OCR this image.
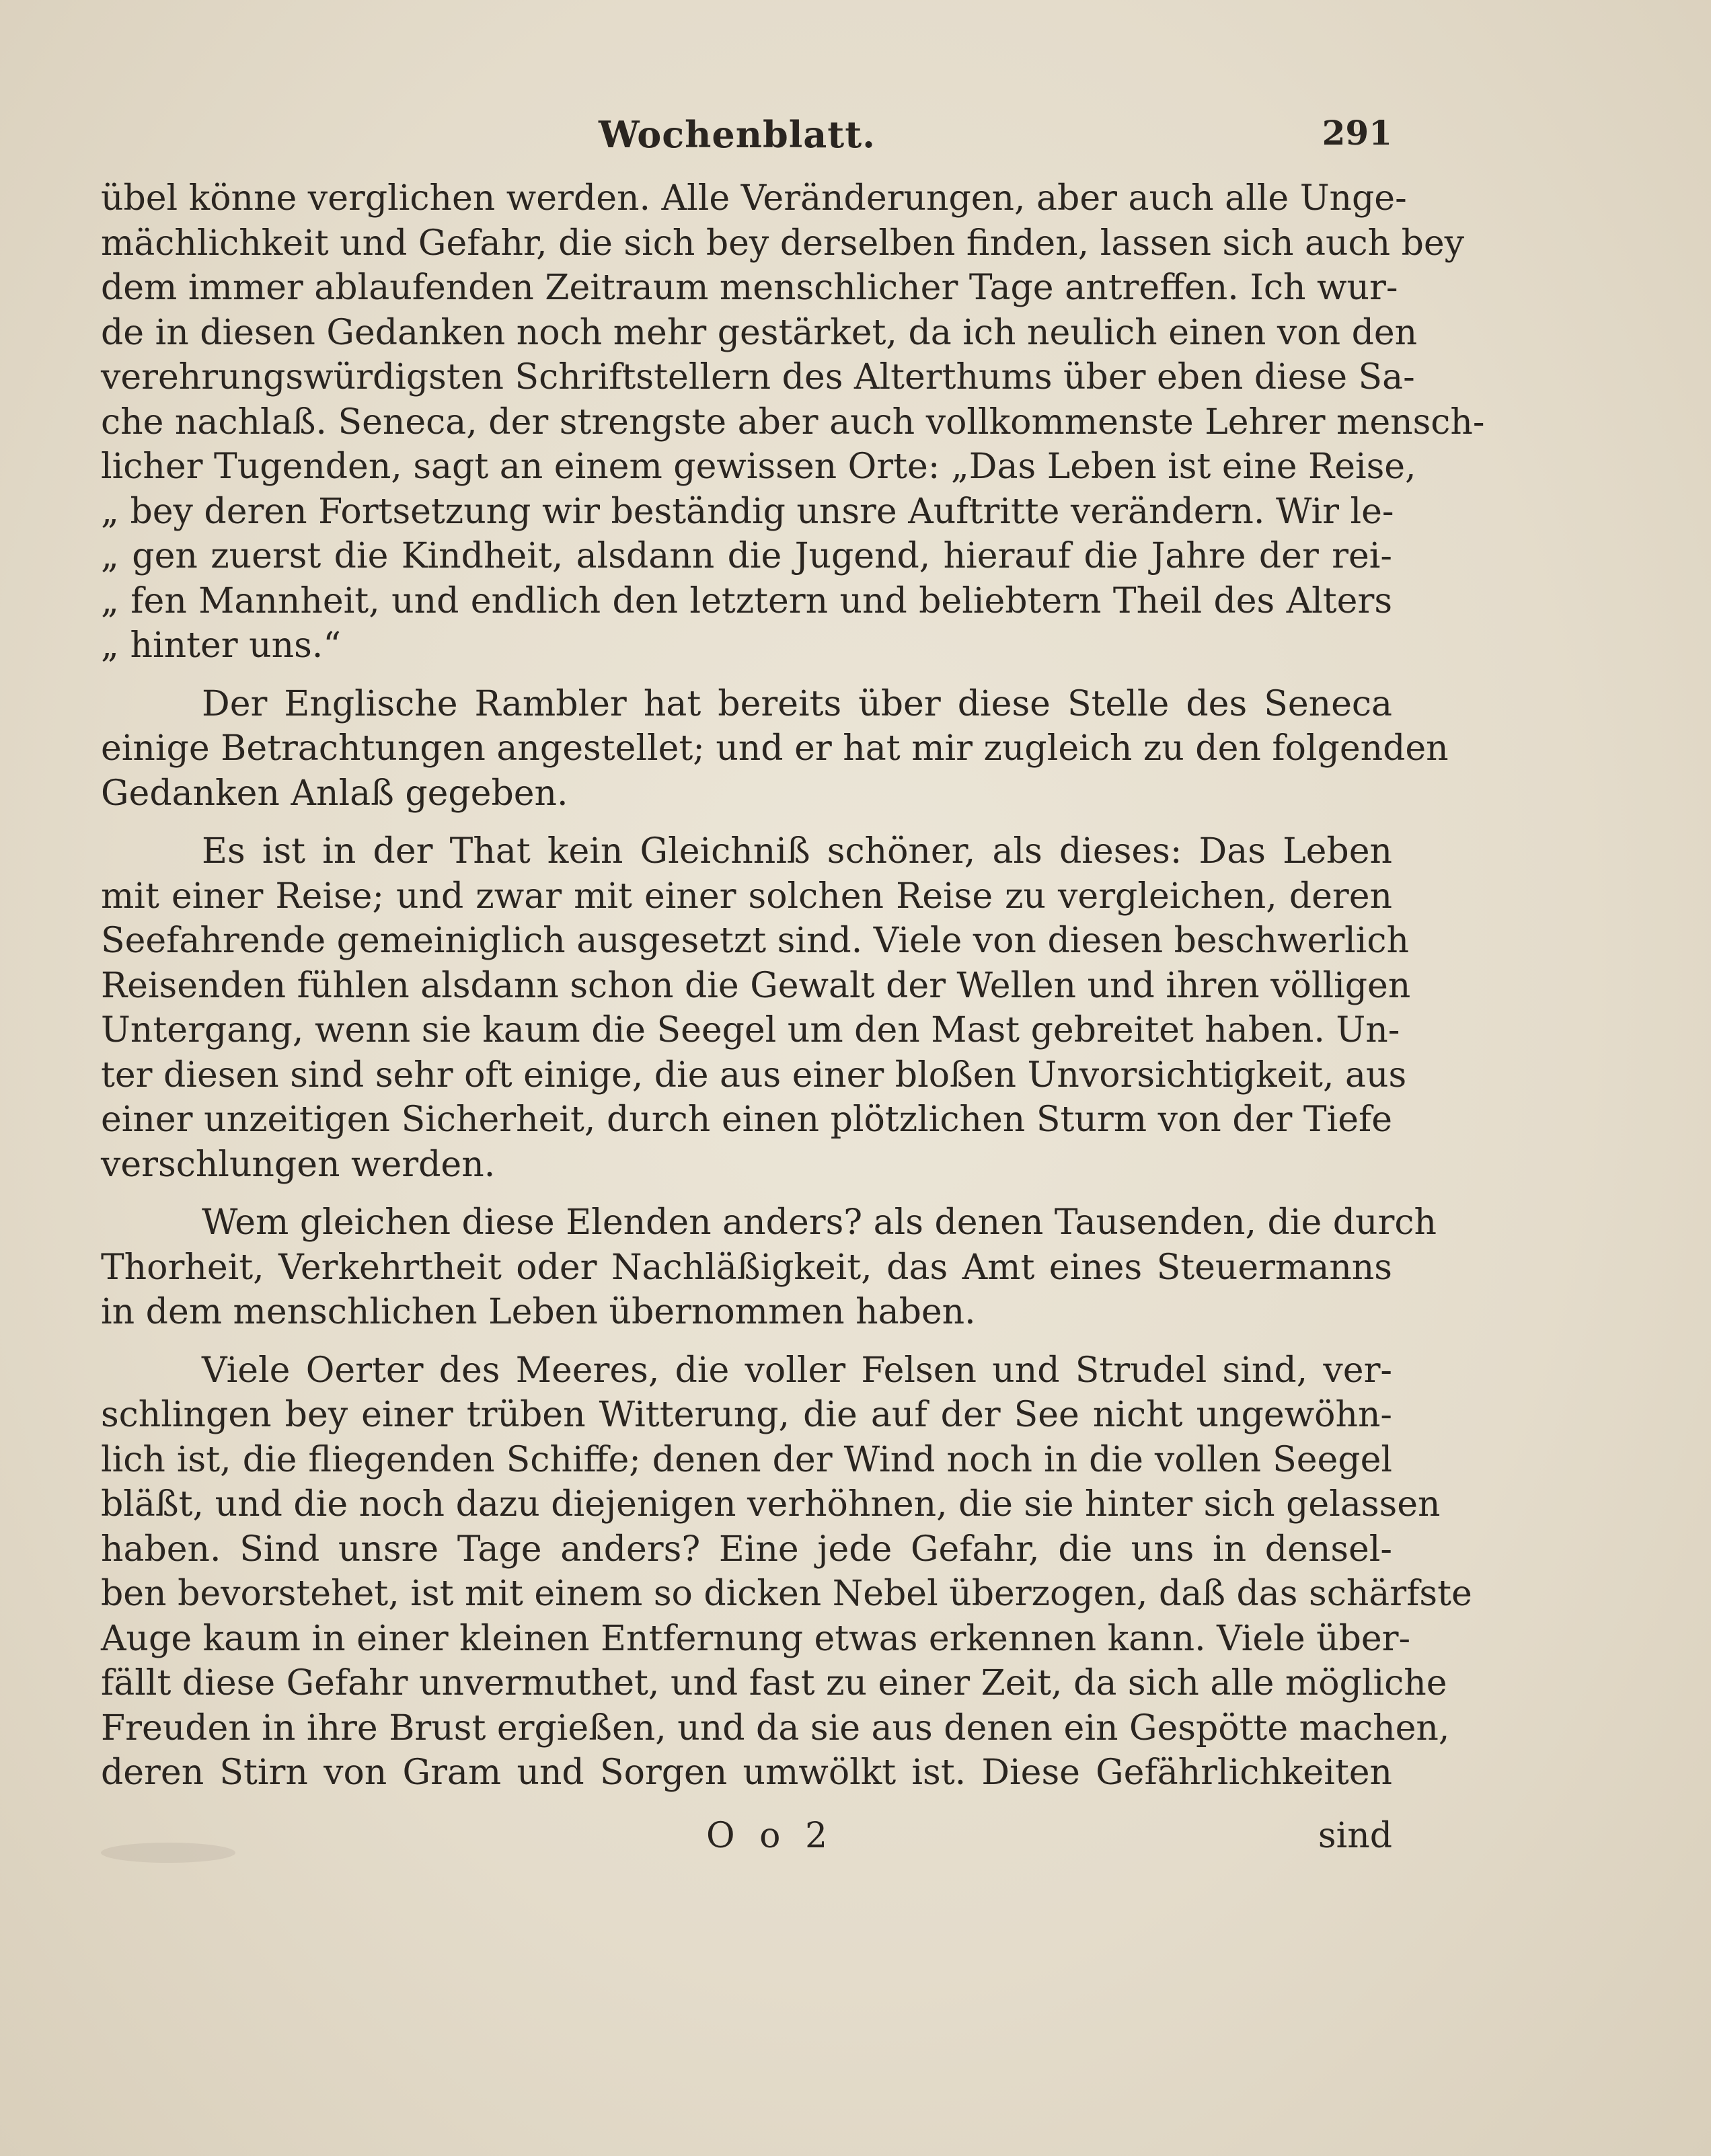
Wochenblatt.	291
übel könne verglichen werden. Alle Veränderungen, aber auch alle Unge-
mächlichkeit und Gefahr, die sich bey derselben finden, lassen sich auch bey
dem immer ablaufenden Zeitraum menschlicher Tage antreffen. Ich wur-
de in diesen Gedanken noch mehr gestärket, da ich neulich einen von den
verehrungswürdigsten Schriftstellern des Alterthums über eben diese Sa-
che nachlaß. Seneca, der strengste aber auch vollkommenste Lehrer mensch-
licher Tugenden, sagt an einem gewissen Orte: „Das Leben ist eine Reise,
„ bey deren Fortsetzung wir beständig unsre Auftritte verändern. Wir le-
„ gen zuerst die Kindheit, alsdann die Jugend, hierauf die Jahre der rei-
„ fen Mannheit, und endlich den letztern und beliebtern Theil des Alters
„ hinter uns.“
Der Englische Rambler hat bereits über diese Stelle des Seneca
einige Betrachtungen angestellet; und er hat mir zugleich zu den folgenden
Gedanken Anlaß gegeben.
Es ist in der That kein Gleichniß schöner, als dieses: Das Leben
mit einer Reise; und zwar mit einer solchen Reise zu vergleichen, deren
Seefahrende gemeiniglich ausgesetzt sind. Viele von diesen beschwerlich
Reisenden fühlen alsdann schon die Gewalt der Wellen und ihren völligen
Untergang, wenn sie kaum die Seegel um den Mast gebreitet haben. Un-
ter diesen sind sehr oft einige, die aus einer bloßen Unvorsichtigkeit, aus
einer unzeitigen Sicherheit, durch einen plötzlichen Sturm von der Tiefe
verschlungen werden.
Wem gleichen diese Elenden anders? als denen Tausenden, die durch
Thorheit, Verkehrtheit oder Nachläßigkeit, das Amt eines Steuermanns
in dem menschlichen Leben übernommen haben.
Viele Oerter des Meeres, die voller Felsen und Strudel sind, ver-
schlingen bey einer trüben Witterung, die auf der See nicht ungewöhn-
lich ist, die fliegenden Schiffe; denen der Wind noch in die vollen Seegel
bläßt, und die noch dazu diejenigen verhöhnen, die sie hinter sich gelassen
haben. Sind unsre Tage anders? Eine jede Gefahr, die uns in densel-
ben bevorstehet, ist mit einem so dicken Nebel überzogen, daß das schärfste
Auge kaum in einer kleinen Entfernung etwas erkennen kann. Viele über-
fällt diese Gefahr unvermuthet, und fast zu einer Zeit, da sich alle mögliche
Freuden in ihre Brust ergießen, und da sie aus denen ein Gespötte machen,
deren Stirn von Gram und Sorgen umwölkt ist. Diese Gefährlichkeiten
O o 2	sind
